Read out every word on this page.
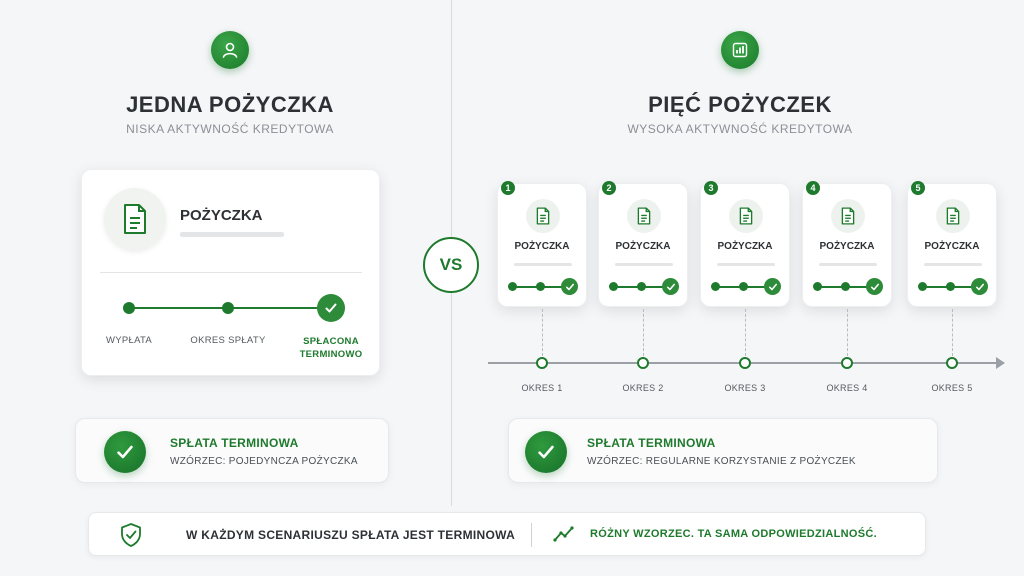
JEDNA POŻYCZKA
NISKA AKTYWNOŚĆ KREDYTOWA
POŻYCZKA
WYPŁATA	OKRES SPŁATY	SPŁACONA TERMINOWO
SPŁATA TERMINOWA
WZÓRZEC: POJEDYNCZA POŻYCZKA
VS
PIĘĆ POŻYCZEK
WYSOKA AKTYWNOŚĆ KREDYTOWA
POŻYCZKA
1
POŻYCZKA
2
POŻYCZKA
3
POŻYCZKA
4
POŻYCZKA
5
OKRES 1	OKRES 2	OKRES 3	OKRES 4	OKRES 5
SPŁATA TERMINOWA
WZÓRZEC: REGULARNE KORZYSTANIE Z POŻYCZEK
W KAŻDYM SCENARIUSZU SPŁATA JEST TERMINOWA	RÓŻNY WZORZEC. TA SAMA ODPOWIEDZIALNOŚĆ.
